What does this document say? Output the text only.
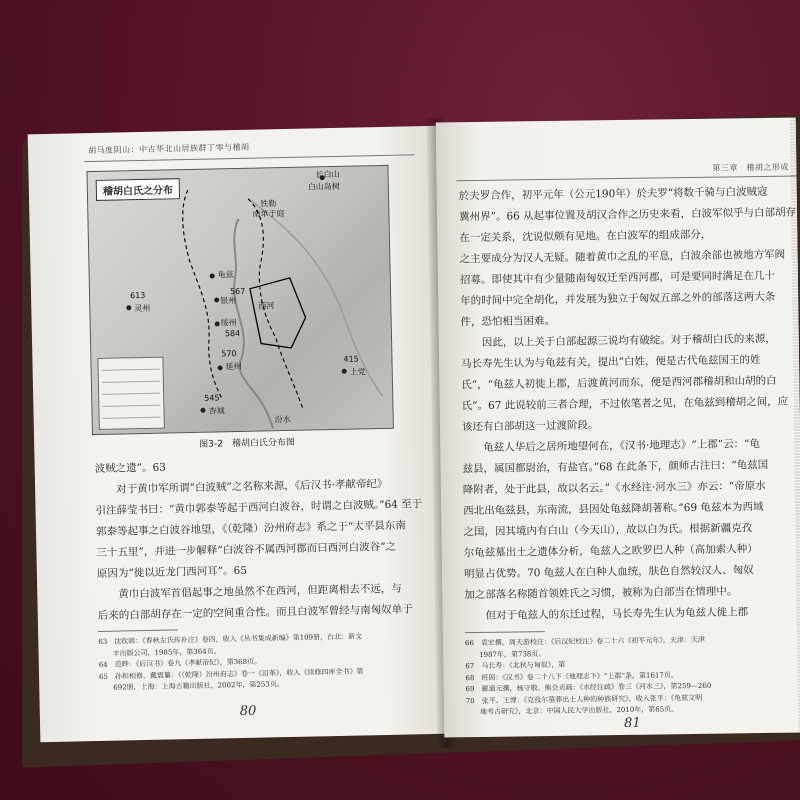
胡马度阴山：中古华北山居族群丁零与稽胡
稽胡白氏之分布
长白山
白山岛树
铁勒
南单于庭
龟兹
567
银州
613
灵州
绥州
584
西河
570
延州
415
上党
545
杏城
汾水
图3-2　稽胡白氏分布图

波贼之遗”。63

　　对于黄巾军所谓“白波贼”之名称来源，《后汉书·孝献帝纪》

引注薛莹书曰：“黄巾郭泰等起于西河白波谷，时谓之白波贼。”64 至于

郭泰等起事之白波谷地望，《（乾隆）汾州府志》系之于“太平县东南

三十五里”，并进一步解释“白波谷不属西河郡而曰西河白波谷”之

原因为“徙以近龙门西河耳”。65

　　黄巾白波军首倡起事之地虽然不在西河，但距离相去不远，与

后来的白部胡存在一定的空间重合性。而且白波军曾经与南匈奴单于

63　沈钦韩：《春秋左氏传补注》卷四，收入《丛书集成新编》第109册，台北：新文

　　丰出版公司，1985年，第364页。

64　范晔：《后汉书》卷九《孝献帝纪》，第368页。

65　孙和相修，戴震纂：《（乾隆）汾州府志》卷一《沿革》，收入《续修四库全书》第

　　692册，上海：上海古籍出版社，2002年，第253页。

80
第三章　稽胡之形成

於夫罗合作，初平元年（公元190年）於夫罗“将数千骑与白波贼寇

冀州界”。66 从起事位置及胡汉合作之历史来看，白波军似乎与白部胡存

在一定关系，沈说似颇有见地。在白波军的组成部分，

之主要成分为汉人无疑。随着黄巾之乱的平息，白波余部也被地方军阀

招募。即使其中有少量随南匈奴迁至西河郡，可是要同时满足在几十

年的时间中完全胡化，并发展为独立于匈奴五部之外的部落这两大条

件，恐怕相当困难。

　　因此，以上关于白部起源三说均有破绽。对于稽胡白氏的来源，

马长寿先生认为与龟兹有关，提出“白姓，便是古代龟兹国王的姓

氏”，“龟兹人初徙上郡，后渡黄河而东，便是西河郡稽胡和山胡的白

氏”。67 此说较前三者合理，不过依笔者之见，在龟兹到稽胡之间，应

该还有白部胡这一过渡阶段。

　　龟兹人华后之居所地望何在，《汉书·地理志》“上郡”云：“龟

兹县，属国都尉治，有盐官。”68 在此条下，颜师古注曰：“龟兹国

降附者，处于此县，故以名云。”《水经注·河水三》亦云：“帝原水

西北出龟兹县，东南流，县因处龟兹降胡著称。”69 龟兹本为西域

之国，因其境内有白山（今天山），故以白为氏。根据新疆克孜

尔龟兹墓出土之遗体分析，龟兹人之欧罗巴人种（高加索人种）

明显占优势。70 龟兹人在白种人血统，肤色自然较汉人、匈奴

加之部落名称随首领姓氏之习惯，被称为白部当在情理中。

　　但对于龟兹人的东迁过程，马长寿先生认为龟兹人徙上郡

66　袁宏撰，周天游校注：《后汉纪校注》卷二十六《初平元年》，天津：天津

　　1987年，第738页。

67　马长寿：《北狄与匈奴》，第

68　班固：《汉书》卷二十八下《地理志下》“上郡”条，第1617页。

69　郦道元撰，杨守敬、熊会贞疏：《水经注疏》卷三《河水三》，第259—260

70　张平、王博：《克孜尔墓葬出土人种的种族研究》，收入张平：《龟兹文明

　　地考古研究》，北京：中国人民大学出版社，2010年，第65页。

81
